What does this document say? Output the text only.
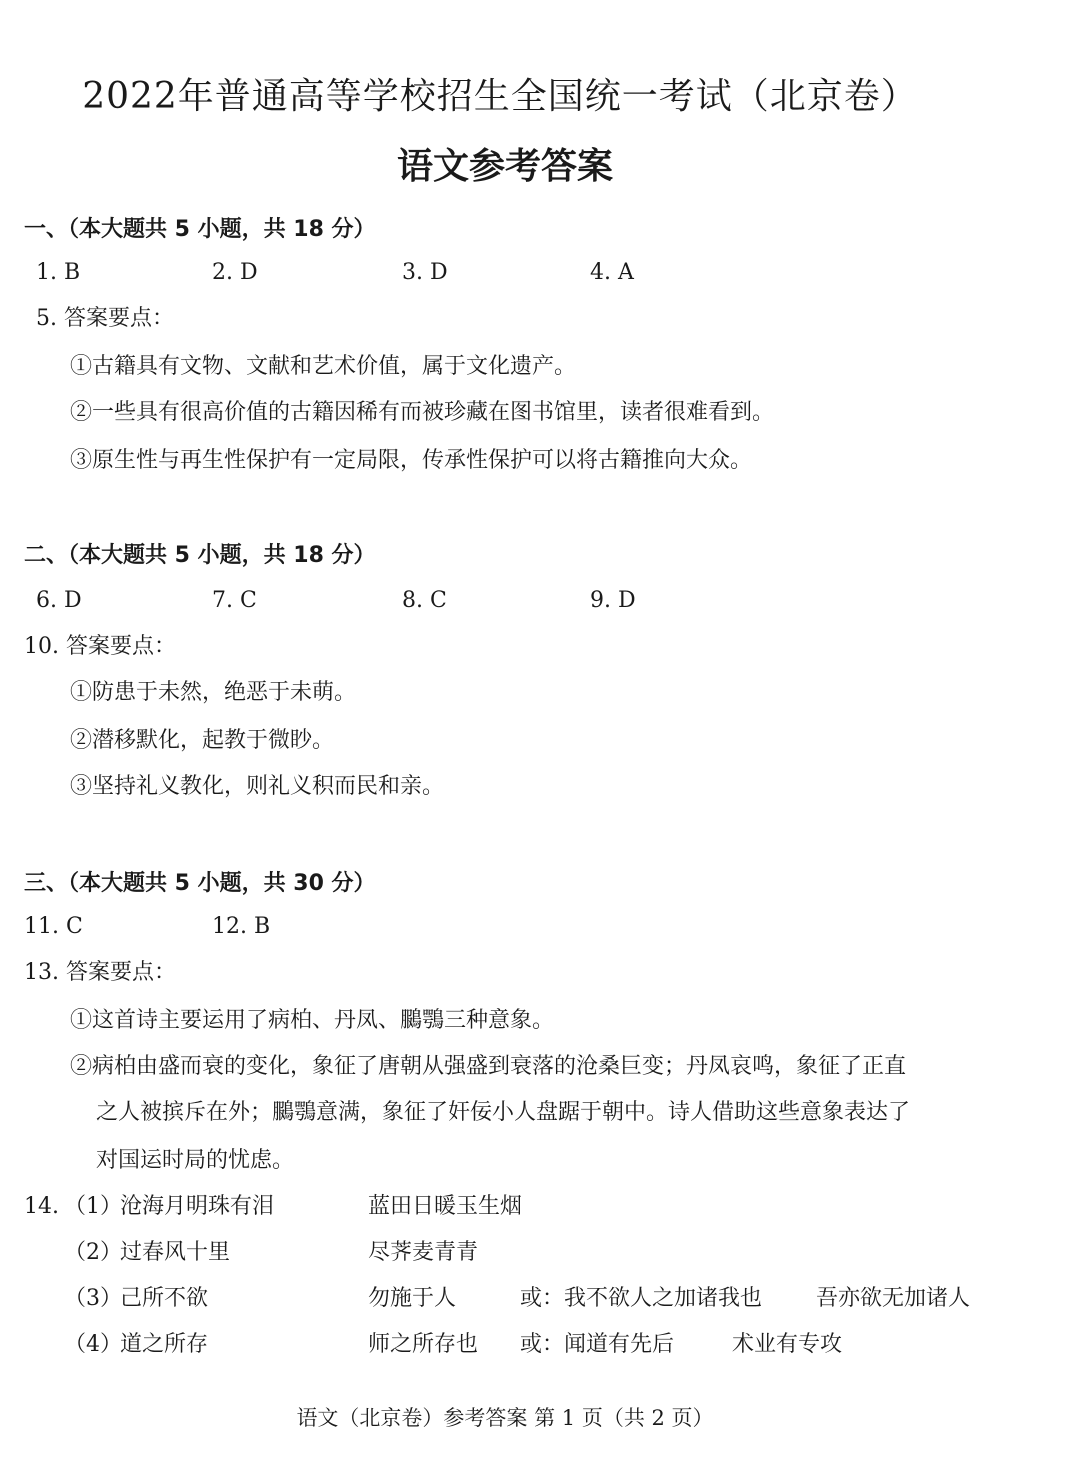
2022年普通高等学校招生全国统一考试（北京卷）
语文参考答案
一、（本大题共 5 小题，共 18 分）
1. B	2. D	3. D	4. A
5. 答案要点：
①古籍具有文物、文献和艺术价值，属于文化遗产。
②一些具有很高价值的古籍因稀有而被珍藏在图书馆里，读者很难看到。
③原生性与再生性保护有一定局限，传承性保护可以将古籍推向大众。
二、（本大题共 5 小题，共 18 分）
6. D	7. C	8. C	9. D
10. 答案要点：
①防患于未然，绝恶于未萌。
②潜移默化，起教于微眇。
③坚持礼义教化，则礼义积而民和亲。
三、（本大题共 5 小题，共 30 分）
11. C	12. B
13. 答案要点：
①这首诗主要运用了病柏、丹凤、鵩鶚三种意象。
②病柏由盛而衰的变化，象征了唐朝从强盛到衰落的沧桑巨变；丹凤哀鸣，象征了正直
之人被摈斥在外；鵩鶚意满，象征了奸佞小人盘踞于朝中。诗人借助这些意象表达了
对国运时局的忧虑。
14. （1）
沧海月明珠有泪	蓝田日暖玉生烟
（2）
过春风十里	尽荠麦青青
（3）
己所不欲	勿施于人	或：我不欲人之加诸我也 吾亦欲无加诸人
（4）
道之所存	师之所存也 或：闻道有先后	术业有专攻
语文（北京卷）参考答案 第 1 页（共 2 页）
